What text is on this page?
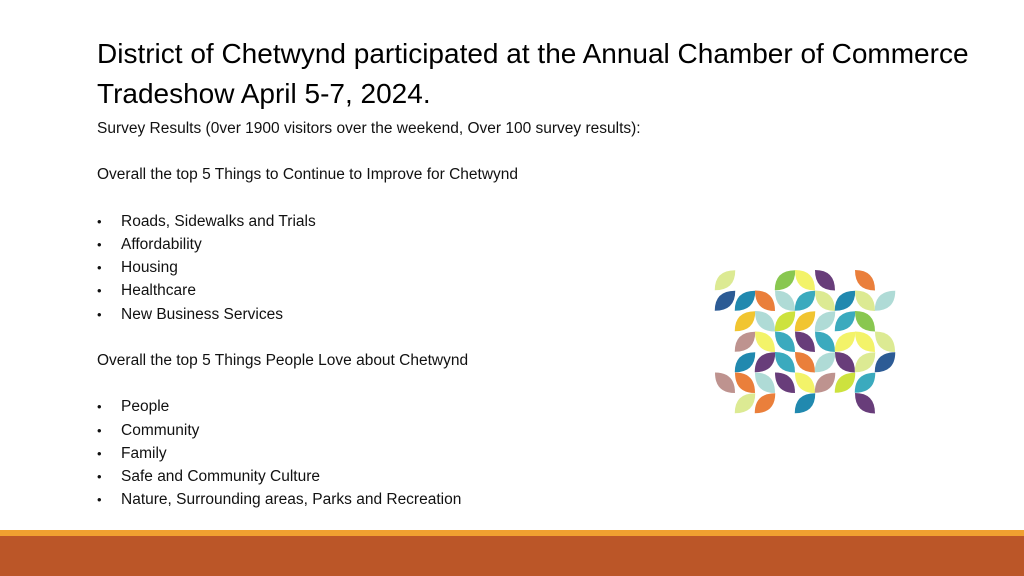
District of Chetwynd participated at the Annual Chamber of Commerce Tradeshow April 5-7, 2024.
Survey Results (0ver 1900 visitors over the weekend, Over 100 survey results):
Overall the top 5 Things to Continue to Improve for Chetwynd
• Roads, Sidewalks and Trials
• Affordability
• Housing
• Healthcare
• New Business Services
Overall the top 5 Things People Love about Chetwynd
• People
• Community
• Family
• Safe and Community Culture
• Nature, Surrounding areas, Parks and Recreation
